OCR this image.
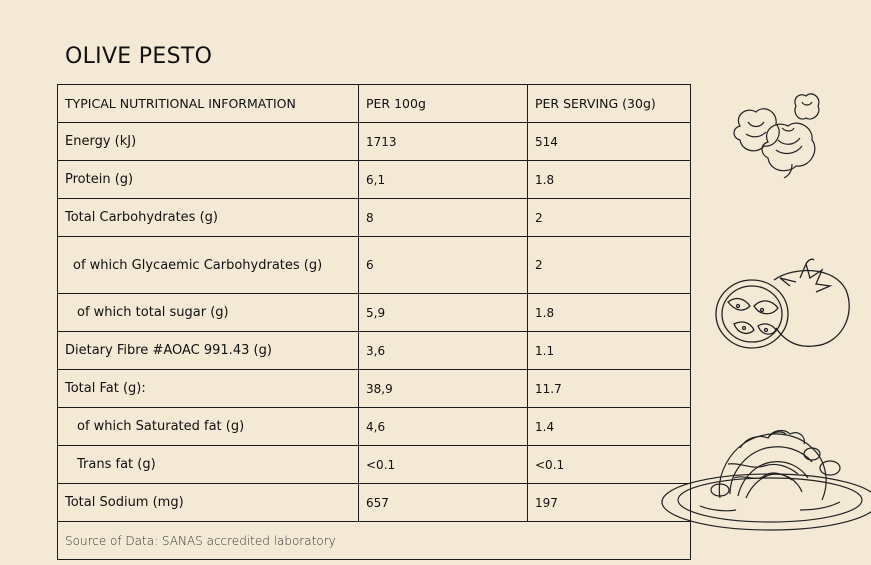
OLIVE PESTO
TYPICAL NUTRITIONAL INFORMATION	PER 100g	PER SERVING (30g)
Energy (kJ)	1713	514
Protein (g)	6,1	1.8
Total Carbohydrates (g)	8	2
of which Glycaemic Carbohydrates (g)	6	2
of which total sugar (g)	5,9	1.8
Dietary Fibre #AOAC 991.43 (g)	3,6	1.1
Total Fat (g):	38,9	11.7
of which Saturated fat (g)	4,6	1.4
Trans fat (g)	<0.1	<0.1
Total Sodium (mg)	657	197
Source of Data: SANAS accredited laboratory		
